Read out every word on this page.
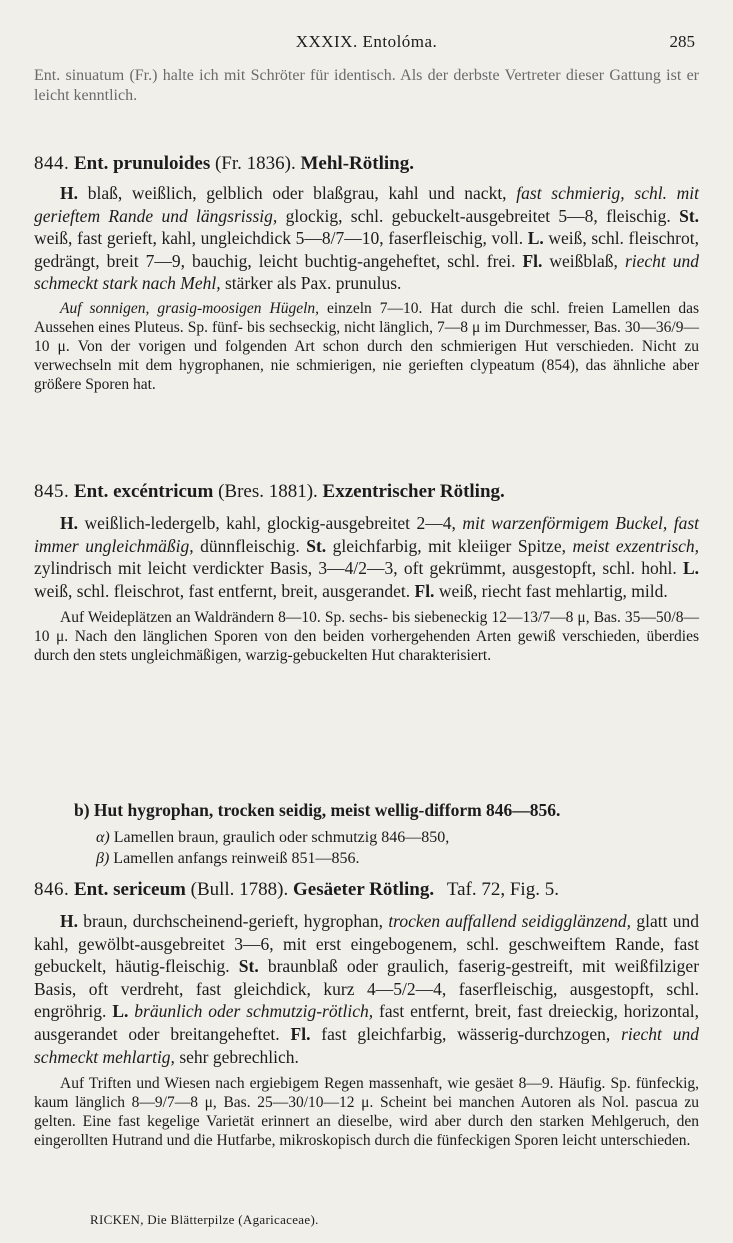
XXXIX. Entolóma.	285

Ent. sinuatum (Fr.) halte ich mit Schröter für identisch. Als der derbste Vertreter dieser Gattung ist er leicht kenntlich.

844. Ent. prunuloides (Fr. 1836). Mehl-Rötling.

H. blaß, weißlich, gelblich oder blaßgrau, kahl und nackt, fast schmierig, schl. mit gerieftem Rande und längsrissig, glockig, schl. gebuckelt-ausgebreitet 5—8, fleischig. St. weiß, fast gerieft, kahl, ungleichdick 5—8/7—10, faserfleischig, voll. L. weiß, schl. fleischrot, gedrängt, breit 7—9, bauchig, leicht buchtig-angeheftet, schl. frei. Fl. weißblaß, riecht und schmeckt stark nach Mehl, stärker als Pax. prunulus.

Auf sonnigen, grasig-moosigen Hügeln, einzeln 7—10. Hat durch die schl. freien Lamellen das Aussehen eines Pluteus. Sp. fünf- bis sechseckig, nicht länglich, 7—8 μ im Durchmesser, Bas. 30—36/9—10 μ. Von der vorigen und folgenden Art schon durch den schmierigen Hut verschieden. Nicht zu verwechseln mit dem hygrophanen, nie schmierigen, nie gerieften clypeatum (854), das ähnliche aber größere Sporen hat.

845. Ent. excéntricum (Bres. 1881). Exzentrischer Rötling.

H. weißlich-ledergelb, kahl, glockig-ausgebreitet 2—4, mit warzenförmigem Buckel, fast immer ungleichmäßig, dünnfleischig. St. gleichfarbig, mit kleiiger Spitze, meist exzentrisch, zylindrisch mit leicht verdickter Basis, 3—4/2—3, oft gekrümmt, ausgestopft, schl. hohl. L. weiß, schl. fleischrot, fast entfernt, breit, ausgerandet. Fl. weiß, riecht fast mehlartig, mild.

Auf Weideplätzen an Waldrändern 8—10. Sp. sechs- bis siebeneckig 12—13/7—8 μ, Bas. 35—50/8—10 μ. Nach den länglichen Sporen von den beiden vorhergehenden Arten gewiß verschieden, überdies durch den stets ungleichmäßigen, warzig-gebuckelten Hut charakterisiert.

b) Hut hygrophan, trocken seidig, meist wellig-difform 846—856.

α) Lamellen braun, graulich oder schmutzig 846—850,

β) Lamellen anfangs reinweiß 851—856.

846. Ent. sericeum (Bull. 1788). Gesäeter Rötling. Taf. 72, Fig. 5.

H. braun, durchscheinend-gerieft, hygrophan, trocken auffallend seidigglänzend, glatt und kahl, gewölbt-ausgebreitet 3—6, mit erst eingebogenem, schl. geschweiftem Rande, fast gebuckelt, häutig-fleischig. St. braunblaß oder graulich, faserig-gestreift, mit weißfilziger Basis, oft verdreht, fast gleichdick, kurz 4—5/2—4, faserfleischig, ausgestopft, schl. engröhrig. L. bräunlich oder schmutzig-rötlich, fast entfernt, breit, fast dreieckig, horizontal, ausgerandet oder breitangeheftet. Fl. fast gleichfarbig, wässerig-durchzogen, riecht und schmeckt mehlartig, sehr gebrechlich.

Auf Triften und Wiesen nach ergiebigem Regen massenhaft, wie gesäet 8—9. Häufig. Sp. fünfeckig, kaum länglich 8—9/7—8 μ, Bas. 25—30/10—12 μ. Scheint bei manchen Autoren als Nol. pascua zu gelten. Eine fast kegelige Varietät erinnert an dieselbe, wird aber durch den starken Mehlgeruch, den eingerollten Hutrand und die Hutfarbe, mikroskopisch durch die fünfeckigen Sporen leicht unterschieden.

RICKEN, Die Blätterpilze (Agaricaceae).
